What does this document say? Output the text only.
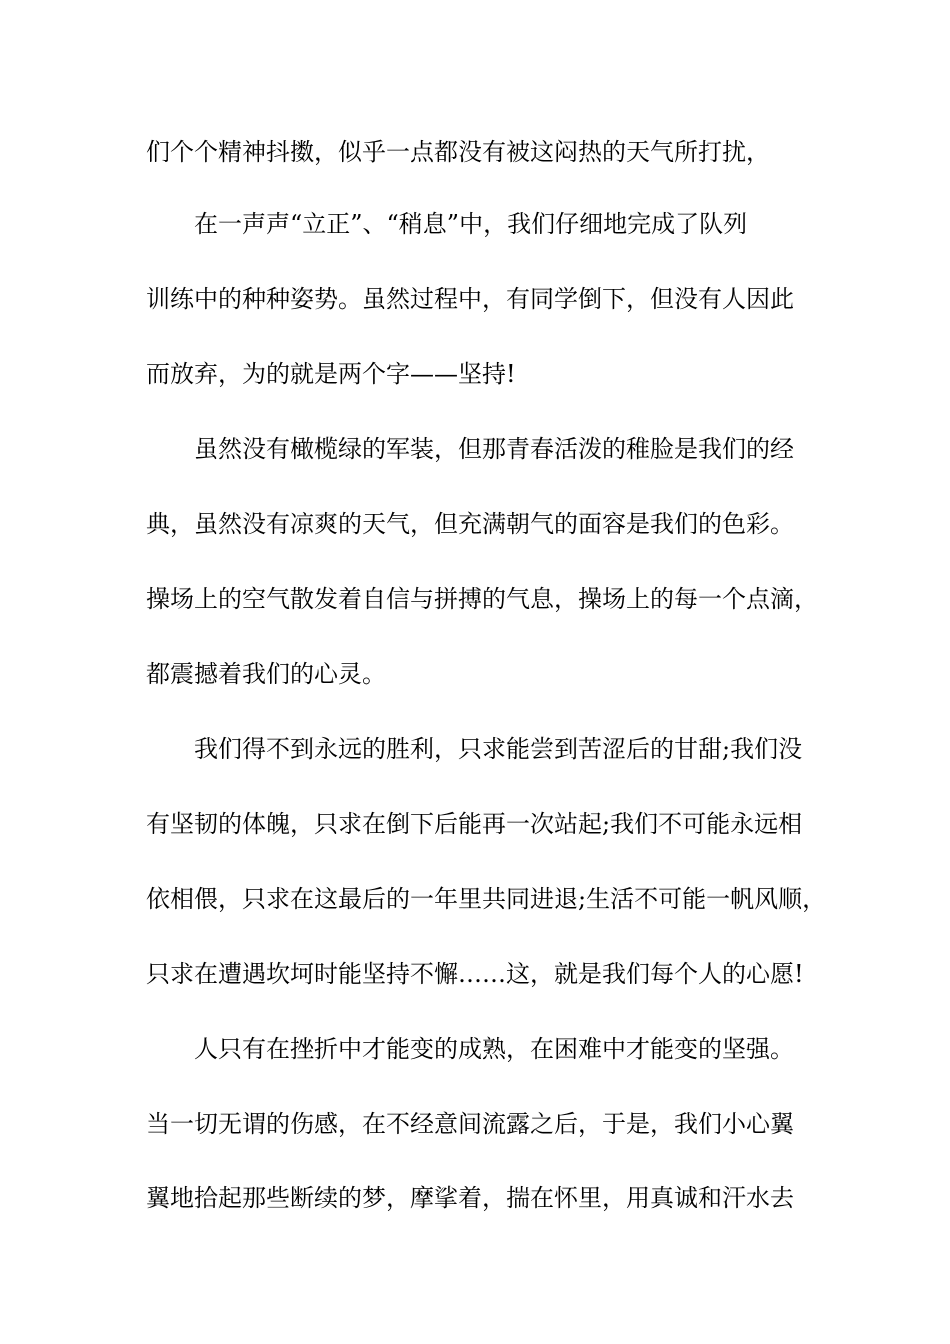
们个个精神抖擞，似乎一点都没有被这闷热的天气所打扰，

在一声声“立正”、“稍息”中，我们仔细地完成了队列

训练中的种种姿势。虽然过程中，有同学倒下，但没有人因此

而放弃，为的就是两个字——坚持!

虽然没有橄榄绿的军装，但那青春活泼的稚脸是我们的经

典，虽然没有凉爽的天气，但充满朝气的面容是我们的色彩。

操场上的空气散发着自信与拼搏的气息，操场上的每一个点滴，

都震撼着我们的心灵。

我们得不到永远的胜利，只求能尝到苦涩后的甘甜;我们没

有坚韧的体魄，只求在倒下后能再一次站起;我们不可能永远相

依相偎，只求在这最后的一年里共同进退;生活不可能一帆风顺，

只求在遭遇坎坷时能坚持不懈……这，就是我们每个人的心愿!

人只有在挫折中才能变的成熟，在困难中才能变的坚强。

当一切无谓的伤感，在不经意间流露之后，于是，我们小心翼

翼地拾起那些断续的梦，摩挲着，揣在怀里，用真诚和汗水去
